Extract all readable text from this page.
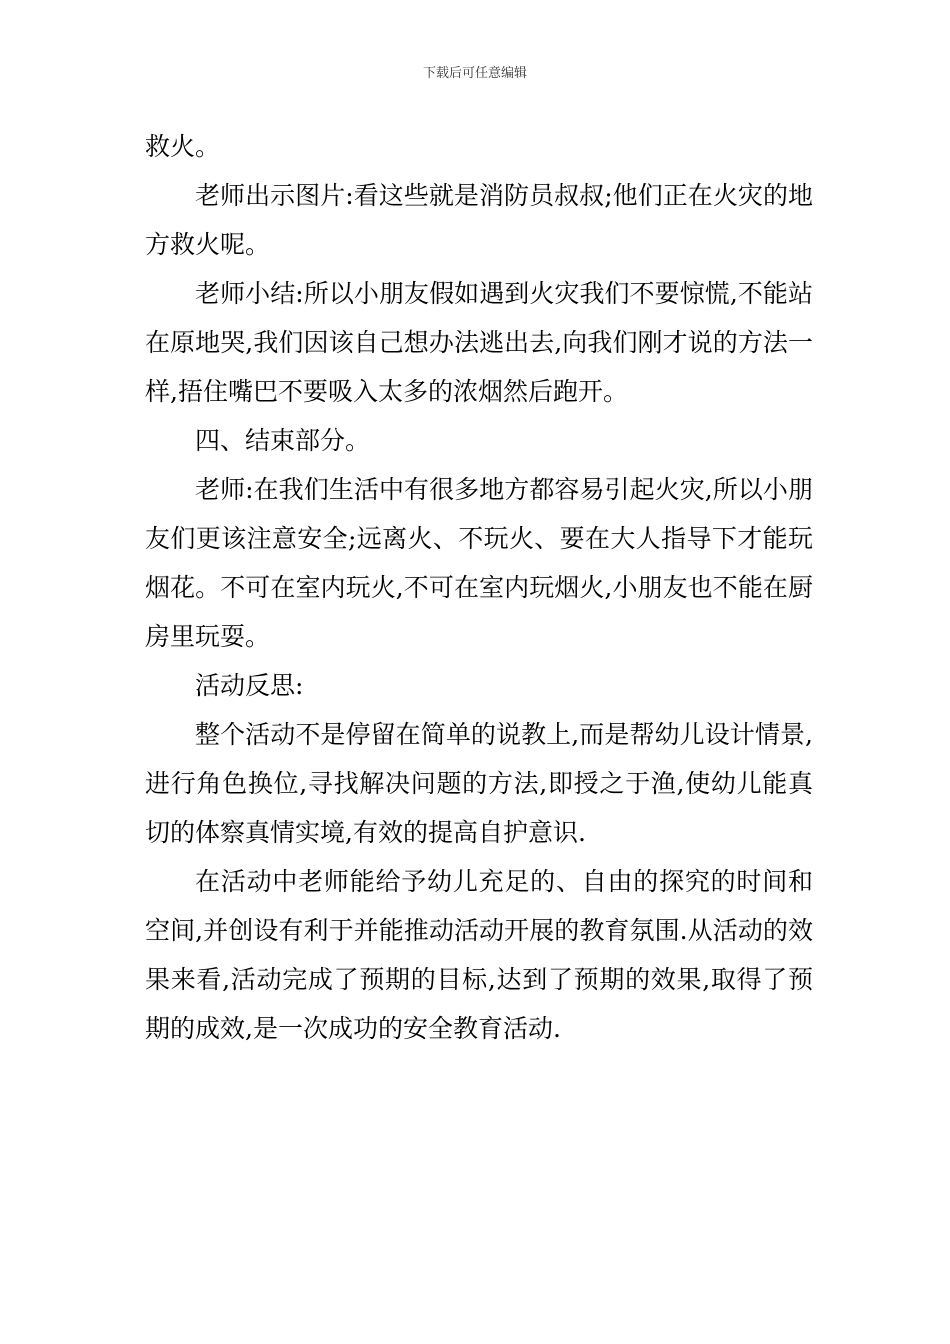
下载后可任意编辑

救火。

老师出示图片:看这些就是消防员叔叔;他们正在火灾的地方救火呢。

老师小结:所以小朋友假如遇到火灾我们不要惊慌,不能站在原地哭,我们因该自己想办法逃出去,向我们刚才说的方法一样,捂住嘴巴不要吸入太多的浓烟然后跑开。

四、结束部分。

老师:在我们生活中有很多地方都容易引起火灾,所以小朋友们更该注意安全;远离火、不玩火、要在大人指导下才能玩烟花。不可在室内玩火,不可在室内玩烟火,小朋友也不能在厨房里玩耍。

活动反思:

整个活动不是停留在简单的说教上,而是帮幼儿设计情景,进行角色换位,寻找解决问题的方法,即授之于渔,使幼儿能真切的体察真情实境,有效的提高自护意识.

在活动中老师能给予幼儿充足的、自由的探究的时间和空间,并创设有利于并能推动活动开展的教育氛围.从活动的效果来看,活动完成了预期的目标,达到了预期的效果,取得了预期的成效,是一次成功的安全教育活动.
